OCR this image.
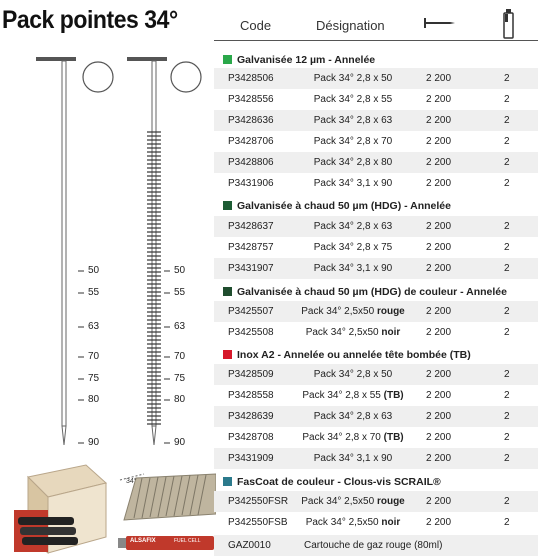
Pack pointes 34°	Code	Désignation
50
55
63
70
75
80
90
50
55
63
70
75
80
90
34°
ALSAFIX	FUEL CELL
Galvanisée 12 µm - Annelée
P3428506	Pack 34° 2,8 x 50	2 200	2
P3428556	Pack 34° 2,8 x 55	2 200	2
P3428636	Pack 34° 2,8 x 63	2 200	2
P3428706	Pack 34° 2,8 x 70	2 200	2
P3428806	Pack 34° 2,8 x 80	2 200	2
P3431906	Pack 34° 3,1 x 90	2 200	2
Galvanisée à chaud 50 µm (HDG) - Annelée
P3428637	Pack 34° 2,8 x 63	2 200	2
P3428757	Pack 34° 2,8 x 75	2 200	2
P3431907	Pack 34° 3,1 x 90	2 200	2
Galvanisée à chaud 50 µm (HDG) de couleur - Annelée
P3425507	Pack 34° 2,5x50 rouge	2 200	2
P3425508	Pack 34° 2,5x50 noir	2 200	2
Inox A2 - Annelée ou annelée tête bombée (TB)
P3428509	Pack 34° 2,8 x 50	2 200	2
P3428558	Pack 34° 2,8 x 55 (TB)	2 200	2
P3428639	Pack 34° 2,8 x 63	2 200	2
P3428708	Pack 34° 2,8 x 70 (TB)	2 200	2
P3431909	Pack 34° 3,1 x 90	2 200	2
FasCoat de couleur - Clous-vis SCRAIL®
P342550FSR	Pack 34° 2,5x50 rouge	2 200	2
P342550FSB	Pack 34° 2,5x50 noir	2 200	2
GAZ0010	Cartouche de gaz rouge (80ml)
